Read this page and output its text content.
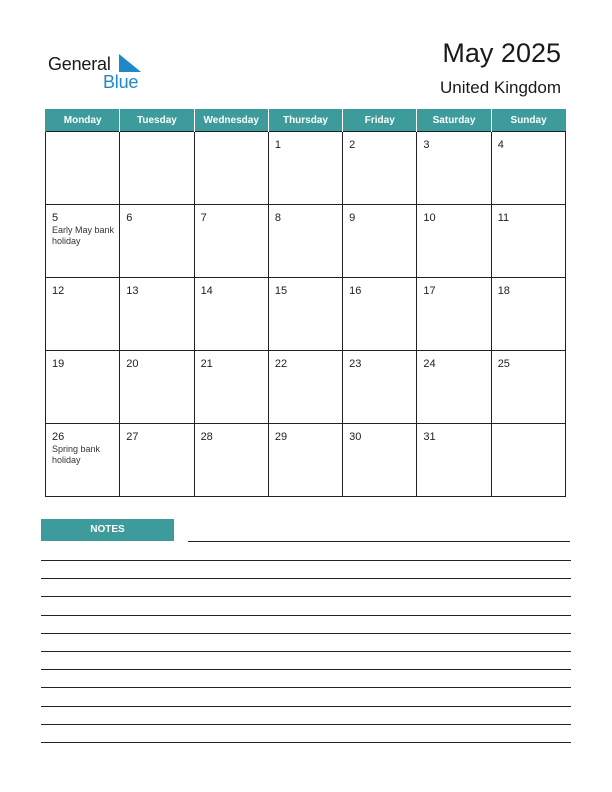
General
Blue
May 2025
United Kingdom
Monday	Tuesday	Wednesday	Thursday	Friday	Saturday	Sunday

			1	2	3	4

5
Early May bank holiday	6	7	8	9	10	11

12	13	14	15	16	17	18

19	20	21	22	23	24	25

26
Spring bank holiday	27	28	29	30	31	

NOTES
